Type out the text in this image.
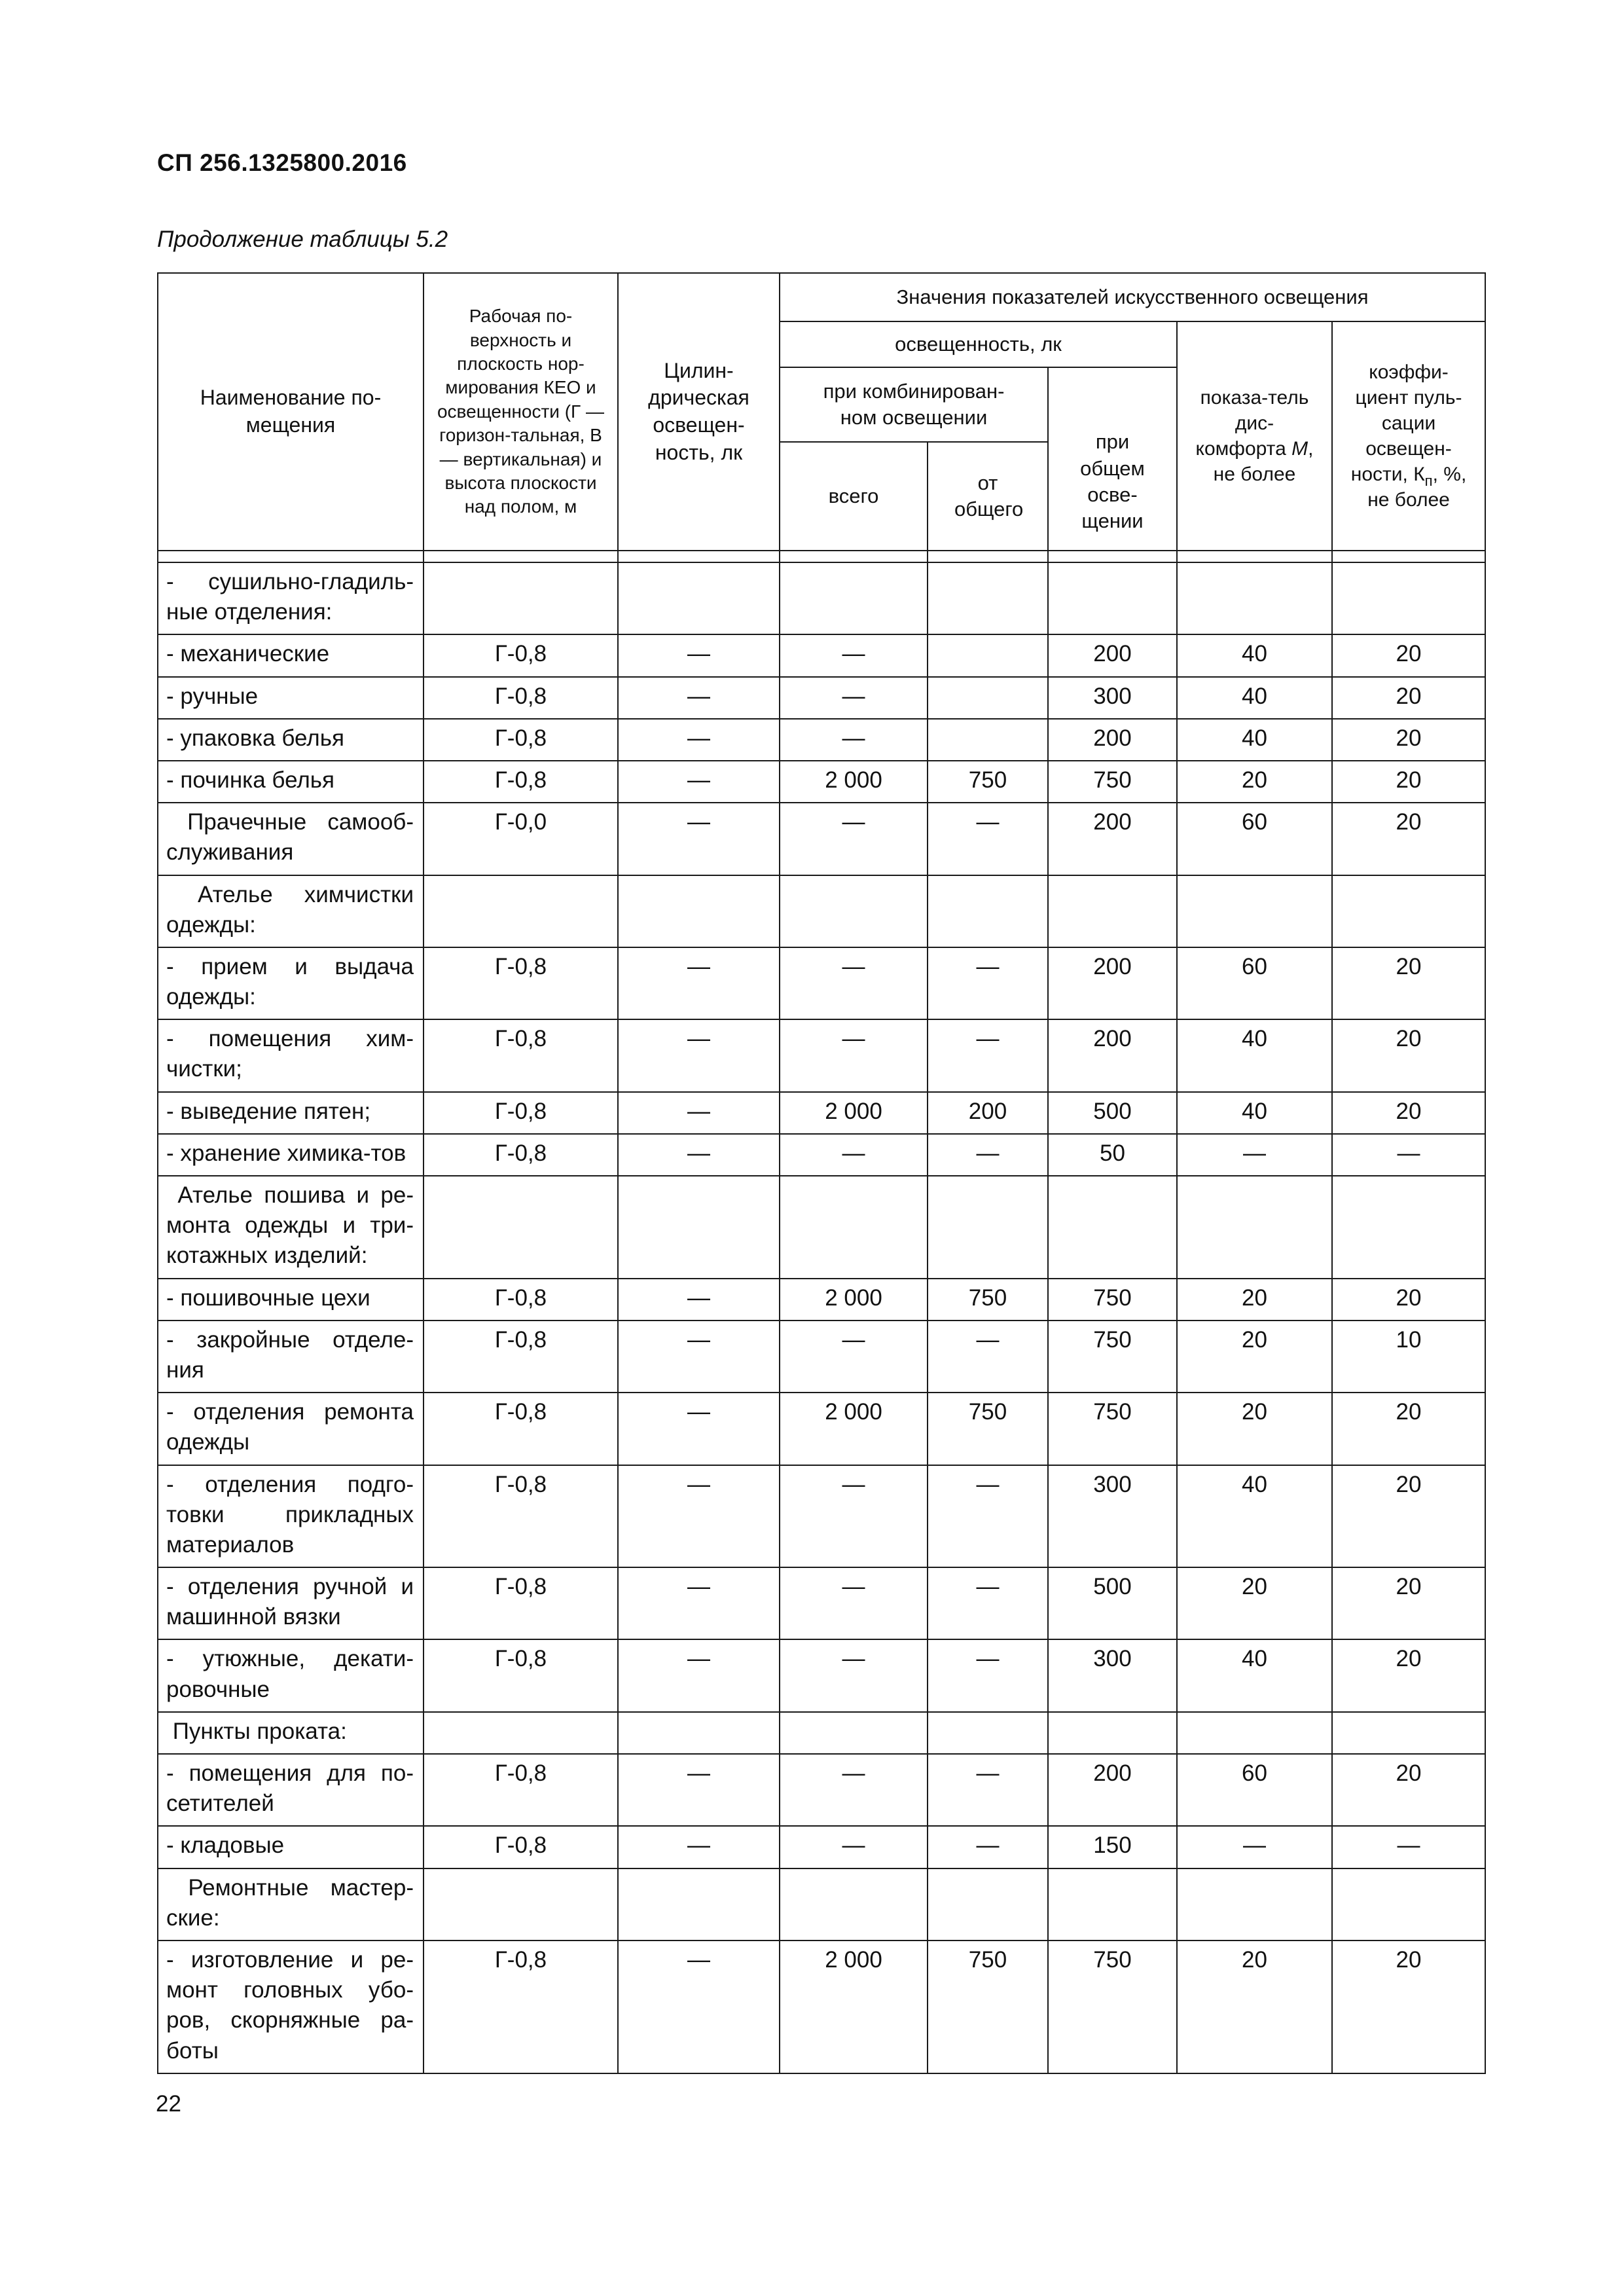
СП 256.1325800.2016
Продолжение таблицы 5.2
Наименование по-мещения	Рабочая по-верхность и плоскость нор-мирования КЕО и освещенности (Г — горизон-тальная, В — вертикальная) и высота плоскости над полом, м	Цилин-дрическая освещен-ность, лк	Значения показателей искусственного освещения				
			освещенность, лк			показа-тель дис-комфорта M, не более	коэффи-циент пуль-сации освещен-ности, $К_п$, %, не более
			при комбинирован-ном освещении		при общем осве-щении		
			всего	от общего			

- сушильно-гладиль-ные отделения:							
- механические	Г-0,8	—	—		200	40	20
- ручные	Г-0,8	—	—		300	40	20
- упаковка белья	Г-0,8	—	—		200	40	20
- починка белья	Г-0,8	—	2 000	750	750	20	20
Прачечные самооб-служивания	Г-0,0	—	—	—	200	60	20
Ателье химчистки одежды:							
- прием и выдача одежды:	Г-0,8	—	—	—	200	60	20
- помещения хим-чистки;	Г-0,8	—	—	—	200	40	20
- выведение пятен;	Г-0,8	—	2 000	200	500	40	20
- хранение химика-тов	Г-0,8	—	—	—	50	—	—
Ателье пошива и ре-монта одежды и три-котажных изделий:							
- пошивочные цехи	Г-0,8	—	2 000	750	750	20	20
- закройные отделе-ния	Г-0,8	—	—	—	750	20	10
- отделения ремонта одежды	Г-0,8	—	2 000	750	750	20	20
- отделения подго-товки прикладных материалов	Г-0,8	—	—	—	300	40	20
- отделения ручной и машинной вязки	Г-0,8	—	—	—	500	20	20
- утюжные, декати-ровочные	Г-0,8	—	—	—	300	40	20
Пункты проката:							
- помещения для по-сетителей	Г-0,8	—	—	—	200	60	20
- кладовые	Г-0,8	—	—	—	150	—	—
Ремонтные мастер-ские:							
- изготовление и ре-монт головных убо-ров, скорняжные ра-боты	Г-0,8	—	2 000	750	750	20	20
22
